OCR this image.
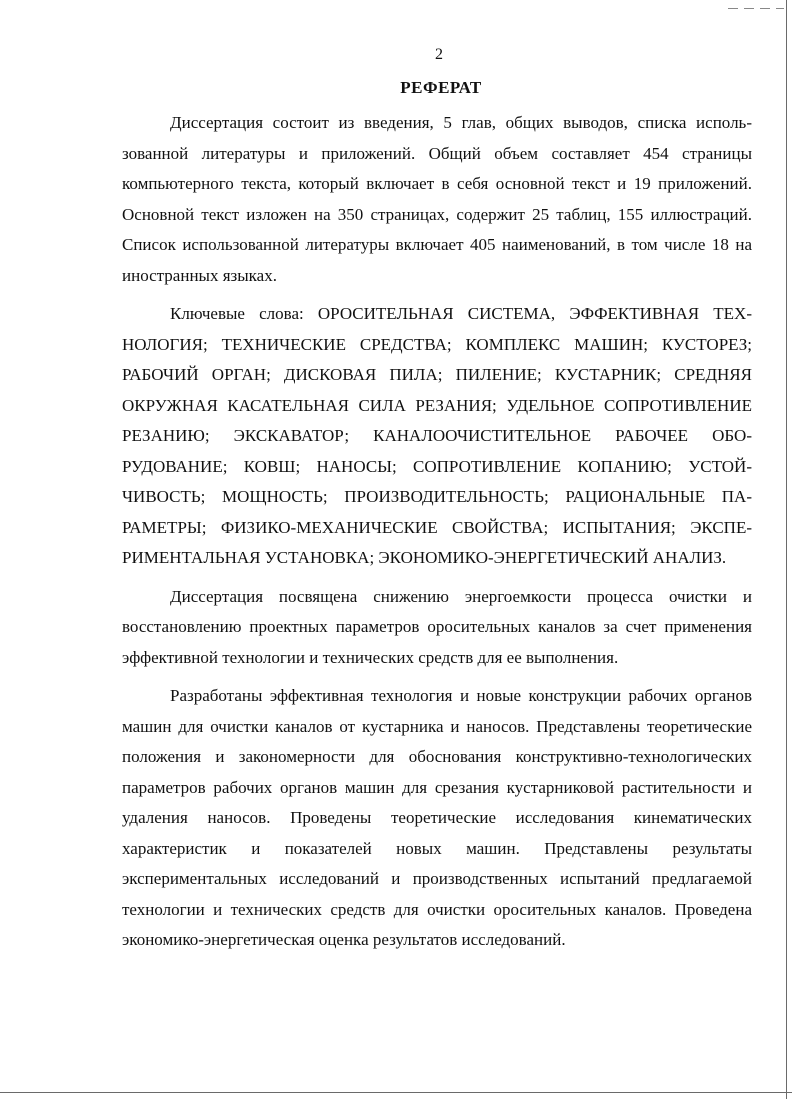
2

РЕФЕРАТ

Диссертация состоит из введения, 5 глав, общих выводов, списка использованной литературы и приложений. Общий объем составляет 454 страницы компьютерного текста, который включает в себя основной текст и 19 приложений. Основной текст изложен на 350 страницах, содержит 25 таблиц, 155 иллюстраций. Список использованной литературы включает 405 наименований, в том числе 18 на иностранных языках.

Ключевые слова: ОРОСИТЕЛЬНАЯ СИСТЕМА, ЭФФЕКТИВНАЯ ТЕХНОЛОГИЯ; ТЕХНИЧЕСКИЕ СРЕДСТВА; КОМПЛЕКС МАШИН; КУСТОРЕЗ; РАБОЧИЙ ОРГАН; ДИСКОВАЯ ПИЛА; ПИЛЕНИЕ; КУСТАРНИК; СРЕДНЯЯ ОКРУЖНАЯ КАСАТЕЛЬНАЯ СИЛА РЕЗАНИЯ; УДЕЛЬНОЕ СОПРОТИВЛЕНИЕ РЕЗАНИЮ; ЭКСКАВАТОР; КАНАЛООЧИСТИТЕЛЬНОЕ РАБОЧЕЕ ОБОРУДОВАНИЕ; КОВШ; НАНОСЫ; СОПРОТИВЛЕНИЕ КОПАНИЮ; УСТОЙЧИВОСТЬ; МОЩНОСТЬ; ПРОИЗВОДИТЕЛЬНОСТЬ; РАЦИОНАЛЬНЫЕ ПАРАМЕТРЫ; ФИЗИКО-МЕХАНИЧЕСКИЕ СВОЙСТВА; ИСПЫТАНИЯ; ЭКСПЕРИМЕНТАЛЬНАЯ УСТАНОВКА; ЭКОНОМИКО-ЭНЕРГЕТИЧЕСКИЙ АНАЛИЗ.

Диссертация посвящена снижению энергоемкости процесса очистки и восстановлению проектных параметров оросительных каналов за счет применения эффективной технологии и технических средств для ее выполнения.

Разработаны эффективная технология и новые конструкции рабочих органов машин для очистки каналов от кустарника и наносов. Представлены теоретические положения и закономерности для обоснования конструктивно-технологических параметров рабочих органов машин для срезания кустарниковой растительности и удаления наносов. Проведены теоретические исследования кинематических характеристик и показателей новых машин. Представлены результаты экспериментальных исследований и производственных испытаний предлагаемой технологии и технических средств для очистки оросительных каналов. Проведена экономико-энергетическая оценка результатов исследований.
